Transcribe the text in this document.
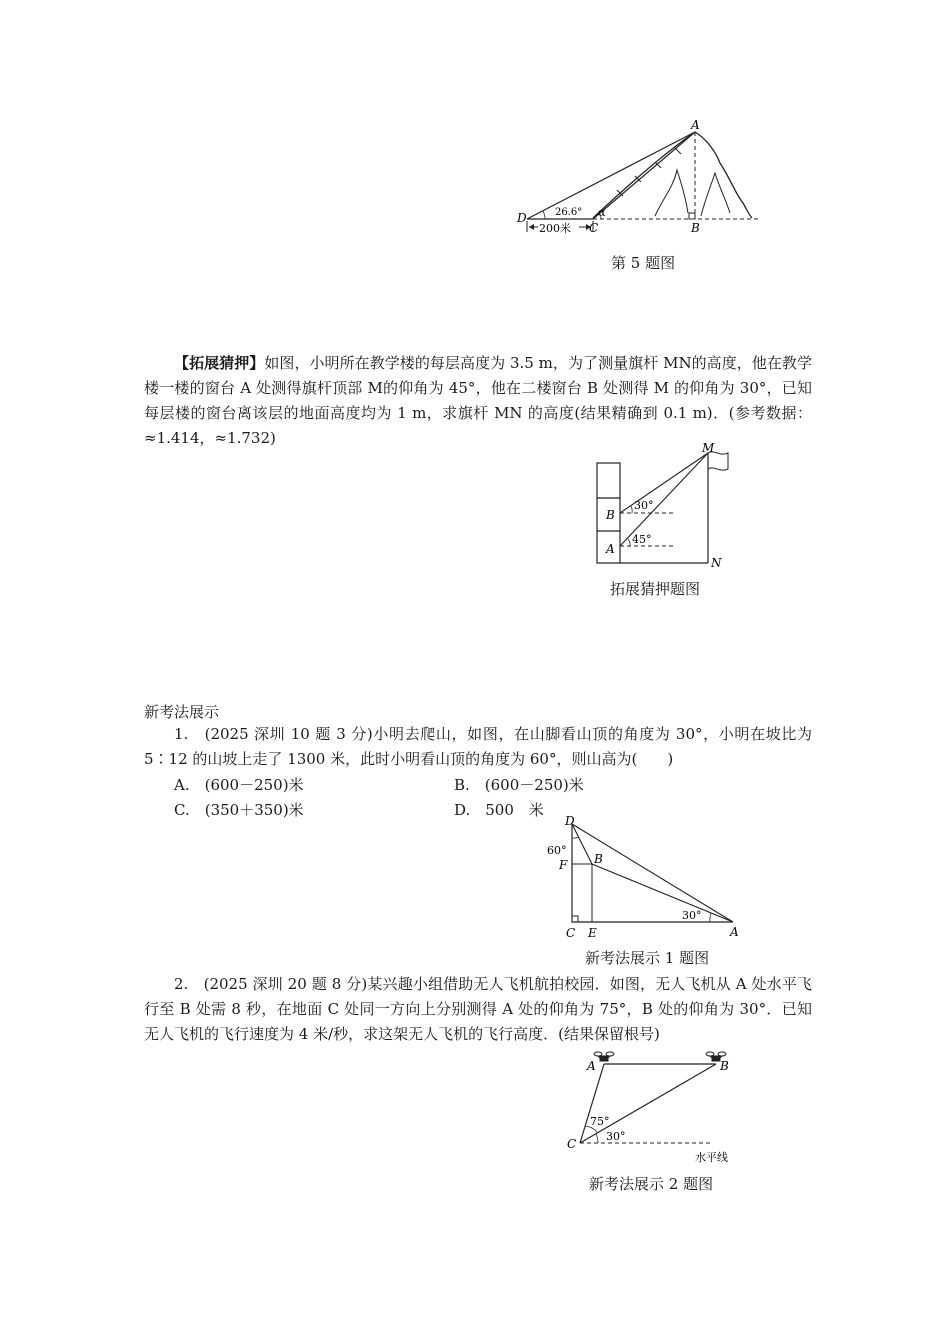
200米
A
B
C
D	26.6° α
第 5 题图
【拓展猜押】如图，小明所在教学楼的每层高度为 3.5 m，为了测量旗杆 MN的高度，他在教学楼一楼的窗台 A 处测得旗杆顶部 M的仰角为 45°，他在二楼窗台 B 处测得 M 的仰角为 30°，已知每层楼的窗台离该层的地面高度均为 1 m，求旗杆 MN 的高度(结果精确到 0.1 m)．(参考数据：≈1.414，≈1.732)
30°
45°
M
B
A
N
拓展猜押题图
新考法展示
1.　(2025 深圳 10 题 3 分)小明去爬山，如图，在山脚看山顶的角度为 30°，小明在坡比为 5∶12 的山坡上走了 1300 米，此时小明看山顶的角度为 60°，则山高为(　　)
A.　(600－250)米	B.　(600－250)米
C.　(350＋350)米	D.　500　米
60°
30°
D
F B
C E	A
新考法展示 1 题图
2.　(2025 深圳 20 题 8 分)某兴趣小组借助无人飞机航拍校园．如图，无人飞机从 A 处水平飞行至 B 处需 8 秒，在地面 C 处同一方向上分别测得 A 处的仰角为 75°，B 处的仰角为 30°．已知无人飞机的飞行速度为 4 米/秒，求这架无人飞机的飞行高度．(结果保留根号)
75°
30°
A	B
C
水平线
新考法展示 2 题图
